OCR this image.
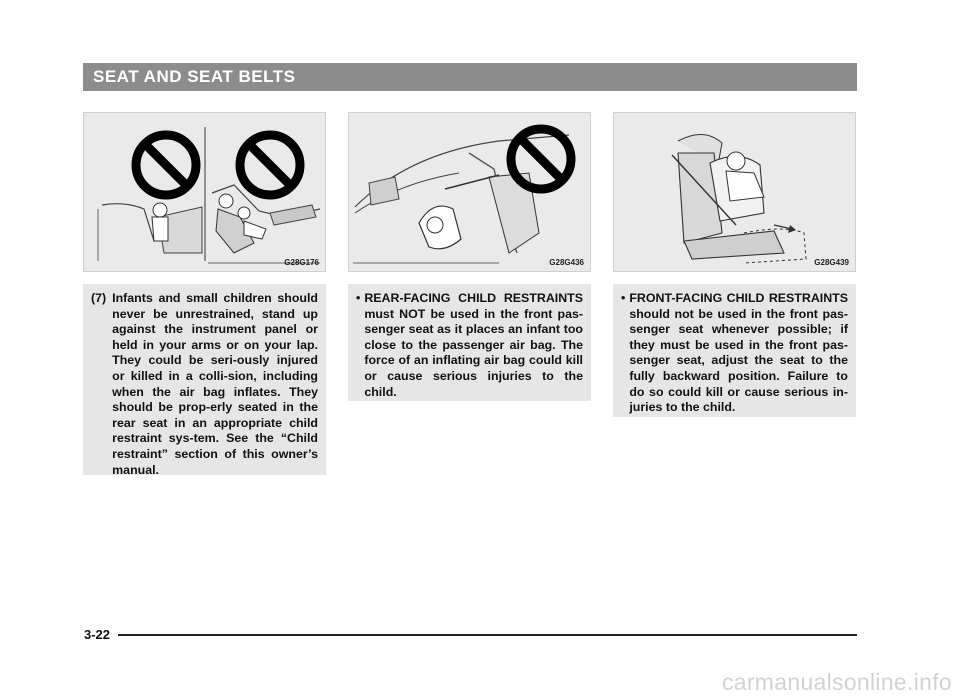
SEAT AND SEAT BELTS
G28G176	G28G436	G28G439
(7) Infants and small children should never be unrestrained, stand up against the instrument panel or held in your arms or on your lap. They could be seri-ously injured or killed in a colli-sion, including when the air bag inflates. They should be prop-erly seated in the rear seat in an appropriate child restraint sys-tem. See the “Child restraint” section of this owner’s manual.
• REAR-FACING CHILD RESTRAINTS must NOT be used in the front pas-senger seat as it places an infant too close to the passenger air bag. The force of an inflating air bag could kill or cause serious injuries to the child.
• FRONT-FACING CHILD RESTRAINTS should not be used in the front pas-senger seat whenever possible; if they must be used in the front pas-senger seat, adjust the seat to the fully backward position. Failure to do so could kill or cause serious in-juries to the child.
3-22
carmanualsonline.info
